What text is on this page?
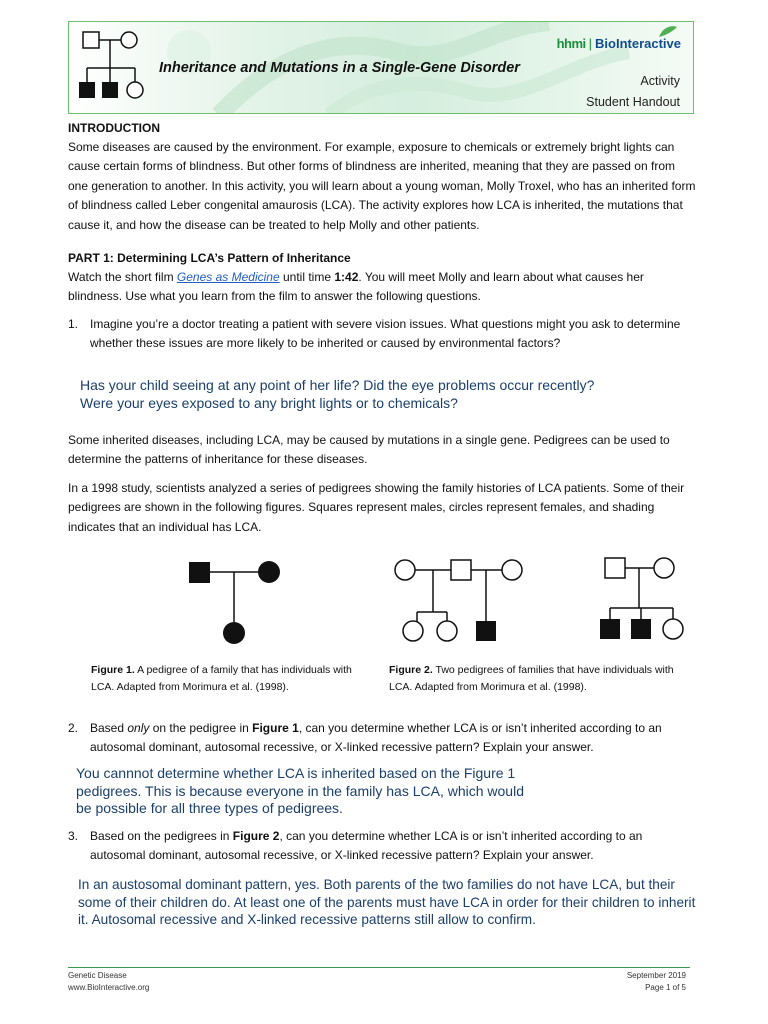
Inheritance and Mutations in a Single-Gene Disorder
hhmi | BioInteractive
Activity
Student Handout
INTRODUCTION
Some diseases are caused by the environment. For example, exposure to chemicals or extremely bright lights can cause certain forms of blindness. But other forms of blindness are inherited, meaning that they are passed on from one generation to another. In this activity, you will learn about a young woman, Molly Troxel, who has an inherited form of blindness called Leber congenital amaurosis (LCA). The activity explores how LCA is inherited, the mutations that cause it, and how the disease can be treated to help Molly and other patients.
PART 1: Determining LCA’s Pattern of Inheritance
Watch the short film Genes as Medicine until time 1:42. You will meet Molly and learn about what causes her blindness. Use what you learn from the film to answer the following questions.
1. Imagine you’re a doctor treating a patient with severe vision issues. What questions might you ask to determine whether these issues are more likely to be inherited or caused by environmental factors?
Has your child seeing at any point of her life? Did the eye problems occur recently?
Were your eyes exposed to any bright lights or to chemicals?
Some inherited diseases, including LCA, may be caused by mutations in a single gene. Pedigrees can be used to determine the patterns of inheritance for these diseases.
In a 1998 study, scientists analyzed a series of pedigrees showing the family histories of LCA patients. Some of their pedigrees are shown in the following figures. Squares represent males, circles represent females, and shading indicates that an individual has LCA.
Figure 1. A pedigree of a family that has individuals with LCA. Adapted from Morimura et al. (1998).
Figure 2. Two pedigrees of families that have individuals with LCA. Adapted from Morimura et al. (1998).
2. Based only on the pedigree in Figure 1, can you determine whether LCA is or isn’t inherited according to an autosomal dominant, autosomal recessive, or X-linked recessive pattern? Explain your answer.
You cannnot determine whether LCA is inherited based on the Figure 1
pedigrees. This is because everyone in the family has LCA, which would
be possible for all three types of pedigrees.
3. Based on the pedigrees in Figure 2, can you determine whether LCA is or isn’t inherited according to an autosomal dominant, autosomal recessive, or X-linked recessive pattern? Explain your answer.
In an austosomal dominant pattern, yes. Both parents of the two families do not have LCA, but their
some of their children do. At least one of the parents must have LCA in order for their children to inherit
it. Autosomal recessive and X-linked recessive patterns still allow to confirm.
Genetic Disease
www.BioInteractive.org
September 2019
Page 1 of 5
